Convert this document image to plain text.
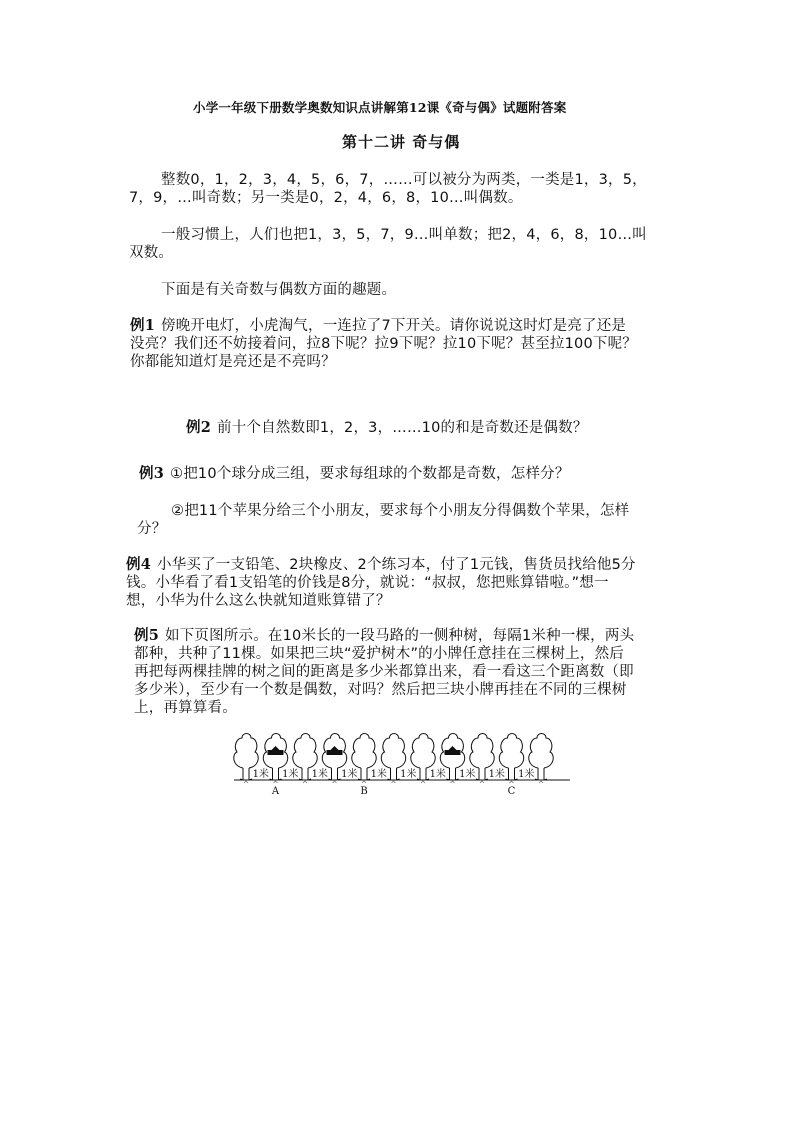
小学一年级下册数学奥数知识点讲解第12课《奇与偶》试题附答案
第十二讲 奇与偶
整数0，1，2，3，4，5，6，7，……可以被分为两类，一类是1，3，5，
7，9，…叫奇数；另一类是0，2，4，6，8，10…叫偶数。
一般习惯上，人们也把1，3，5，7，9…叫单数；把2，4，6，8，10…叫
双数。
下面是有关奇数与偶数方面的趣题。
例1 傍晚开电灯，小虎淘气，一连拉了7下开关。请你说说这时灯是亮了还是
没亮？我们还不妨接着问，拉8下呢？拉9下呢？拉10下呢？甚至拉100下呢？
你都能知道灯是亮还是不亮吗？
例2 前十个自然数即1，2，3，……10的和是奇数还是偶数？
例3 ①把10个球分成三组，要求每组球的个数都是奇数，怎样分？
②把11个苹果分给三个小朋友，要求每个小朋友分得偶数个苹果，怎样
分？
例4 小华买了一支铅笔、2块橡皮、2个练习本，付了1元钱，售货员找给他5分
钱。小华看了看1支铅笔的价钱是8分，就说：“叔叔，您把账算错啦。”想一
想，小华为什么这么快就知道账算错了？
例5 如下页图所示。在10米长的一段马路的一侧种树，每隔1米种一棵，两头
都种，共种了11棵。如果把三块“爱护树木”的小牌任意挂在三棵树上，然后
再把每两棵挂牌的树之间的距离是多少米都算出来，看一看这三个距离数（即
多少米），至少有一个数是偶数，对吗？然后把三块小牌再挂在不同的三棵树
上，再算算看。
1米 1米 1米 1米 1米 1米 1米 1米 1米 1米
A	B	C
